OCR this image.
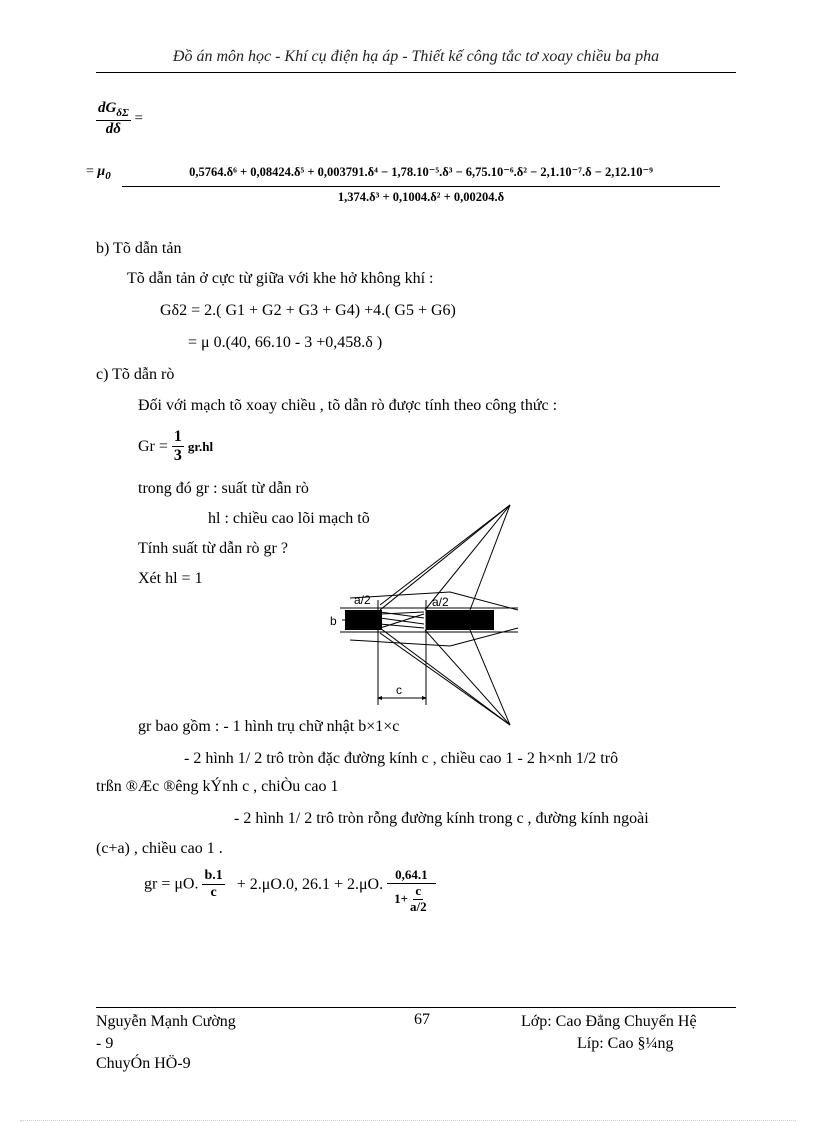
Đồ án môn học - Khí cụ điện hạ áp - Thiết kế công tắc tơ xoay chiều ba pha
$\frac{dG_{\delta\Sigma}}{d\delta}$ =
= $\mu_0$	0,5764.δ⁶ + 0,08424.δ⁵ + 0,003791.δ⁴ − 1,78.10⁻⁵.δ³ − 6,75.10⁻⁶.δ² − 2,1.10⁻⁷.δ − 2,12.10⁻⁹
1,374.δ³ + 0,1004.δ² + 0,00204.δ
b) Tõ dẫn tản
Tõ dẫn tản ở cực từ giữa với khe hở không khí :
Gδ2 = 2.( G1 + G2 + G3 + G4) +4.( G5 + G6)
= μ 0.(40, 66.10 - 3 +0,458.δ )
c) Tõ dẫn rò
Đối với mạch tõ xoay chiều , tõ dẫn rò được tính theo công thức :
$Gr = \frac{1}{3} gr.hl$
trong đó gr : suất từ dẫn rò
hl : chiều cao lõi mạch tõ
Tính suất từ dẫn rò gr ?
Xét hl = 1
a/2	a/2
b
c
gr bao gồm : - 1 hình trụ chữ nhật b×1×c
- 2 hình 1/ 2 trô tròn đặc đường kính c , chiều cao 1 - 2 h×nh 1/2 trô
trßn ®Æc ®êng kÝnh c , chiÒu cao 1
- 2 hình 1/ 2 trô tròn rỗng đường kính trong c , đường kính ngoài
(c+a) , chiều cao 1 .
gr = μO. $\frac{b.1}{c} + 2.\mu O.0$, 26.1 + 2.μO. $\frac{0,64.1}{1+ \frac{c}{a/2}}$
Nguyễn Mạnh Cường
- 9
ChuyÓn HÖ-9
67	Lớp: Cao Đẳng Chuyển Hệ
Líp: Cao §¼ng
